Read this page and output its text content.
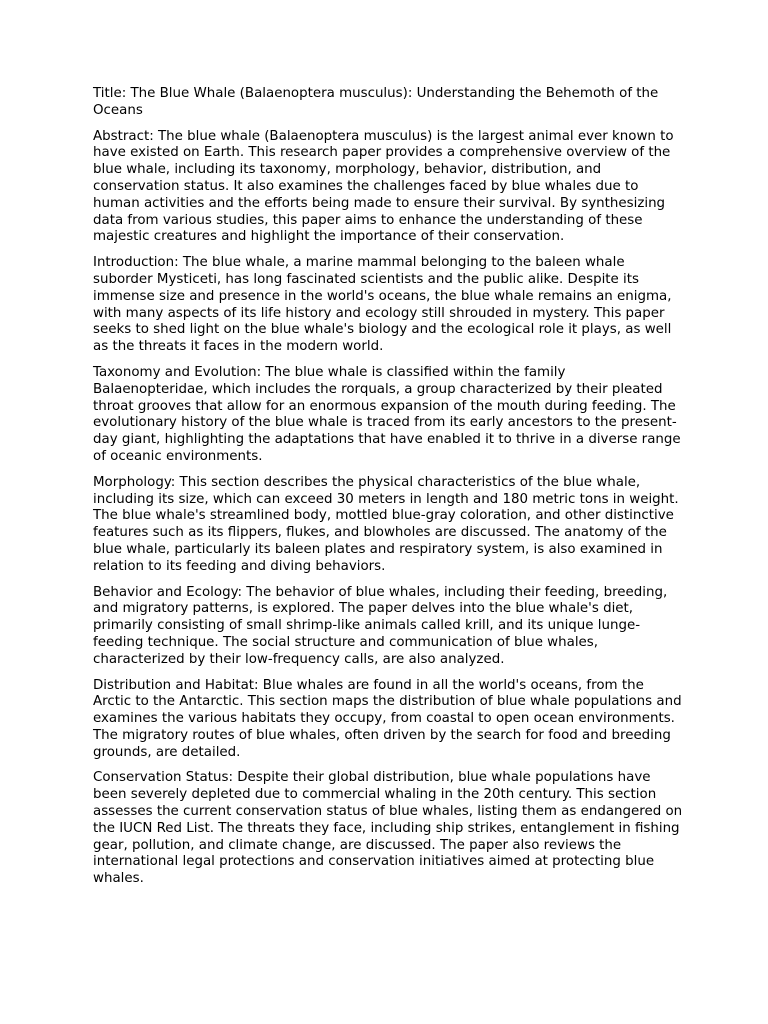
Title: The Blue Whale (Balaenoptera musculus): Understanding the Behemoth of the Oceans

Abstract: The blue whale (Balaenoptera musculus) is the largest animal ever known to have existed on Earth. This research paper provides a comprehensive overview of the blue whale, including its taxonomy, morphology, behavior, distribution, and conservation status. It also examines the challenges faced by blue whales due to human activities and the efforts being made to ensure their survival. By synthesizing data from various studies, this paper aims to enhance the understanding of these majestic creatures and highlight the importance of their conservation.

Introduction: The blue whale, a marine mammal belonging to the baleen whale suborder Mysticeti, has long fascinated scientists and the public alike. Despite its immense size and presence in the world's oceans, the blue whale remains an enigma, with many aspects of its life history and ecology still shrouded in mystery. This paper seeks to shed light on the blue whale's biology and the ecological role it plays, as well as the threats it faces in the modern world.

Taxonomy and Evolution: The blue whale is classified within the family Balaenopteridae, which includes the rorquals, a group characterized by their pleated throat grooves that allow for an enormous expansion of the mouth during feeding. The evolutionary history of the blue whale is traced from its early ancestors to the present-day giant, highlighting the adaptations that have enabled it to thrive in a diverse range of oceanic environments.

Morphology: This section describes the physical characteristics of the blue whale, including its size, which can exceed 30 meters in length and 180 metric tons in weight. The blue whale's streamlined body, mottled blue-gray coloration, and other distinctive features such as its flippers, flukes, and blowholes are discussed. The anatomy of the blue whale, particularly its baleen plates and respiratory system, is also examined in relation to its feeding and diving behaviors.

Behavior and Ecology: The behavior of blue whales, including their feeding, breeding, and migratory patterns, is explored. The paper delves into the blue whale's diet, primarily consisting of small shrimp-like animals called krill, and its unique lunge-feeding technique. The social structure and communication of blue whales, characterized by their low-frequency calls, are also analyzed.

Distribution and Habitat: Blue whales are found in all the world's oceans, from the Arctic to the Antarctic. This section maps the distribution of blue whale populations and examines the various habitats they occupy, from coastal to open ocean environments. The migratory routes of blue whales, often driven by the search for food and breeding grounds, are detailed.

Conservation Status: Despite their global distribution, blue whale populations have been severely depleted due to commercial whaling in the 20th century. This section assesses the current conservation status of blue whales, listing them as endangered on the IUCN Red List. The threats they face, including ship strikes, entanglement in fishing gear, pollution, and climate change, are discussed. The paper also reviews the international legal protections and conservation initiatives aimed at protecting blue whales.
